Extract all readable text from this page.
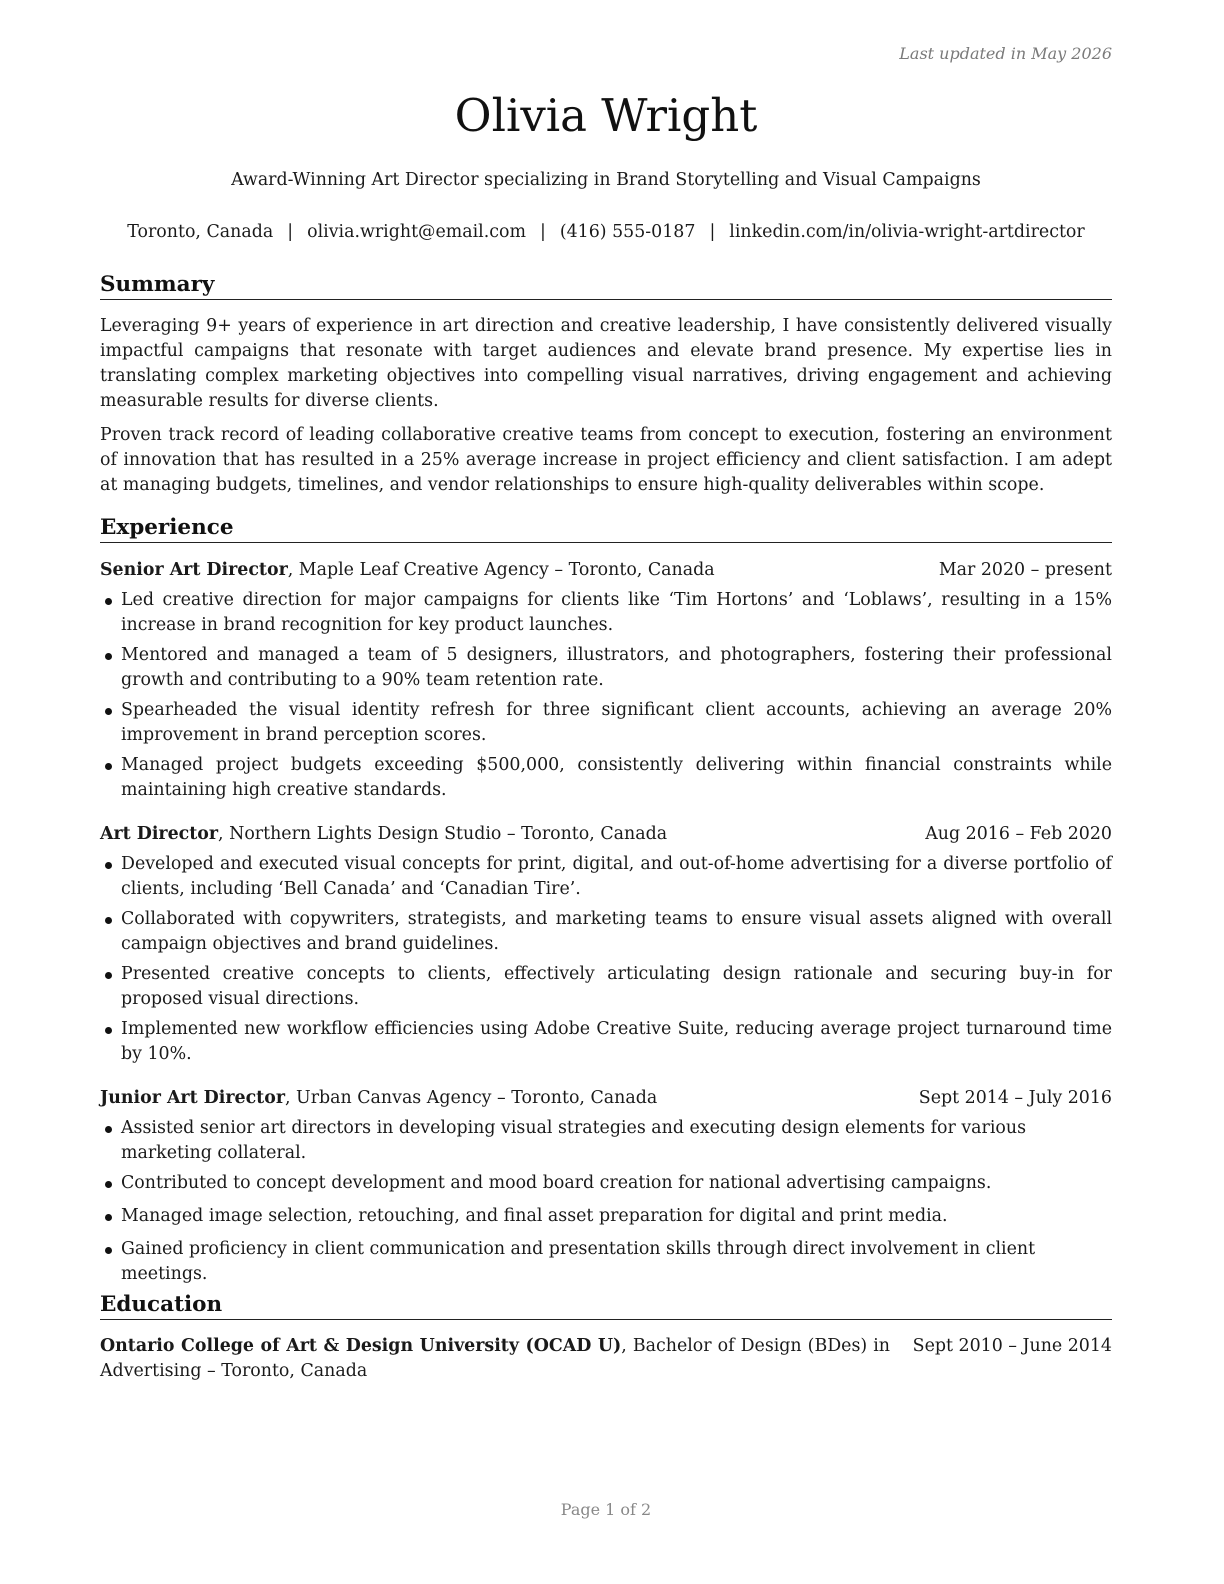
Last updated in May 2026
Olivia Wright
Award-Winning Art Director specializing in Brand Storytelling and Visual Campaigns
Toronto, Canada | olivia.wright@email.com | (416) 555-0187 | linkedin.com/in/olivia-wright-artdirector
Summary

Leveraging 9+ years of experience in art direction and creative leadership, I have consistently delivered visually impactful campaigns that resonate with target audiences and elevate brand presence. My expertise lies in translating complex marketing objectives into compelling visual narratives, driving engagement and achieving measurable results for diverse clients.

Proven track record of leading collaborative creative teams from concept to execution, fostering an environment of innovation that has resulted in a 25% average increase in project efficiency and client satisfaction. I am adept at managing budgets, timelines, and vendor relationships to ensure high-quality deliverables within scope.

Experience
Senior Art Director, Maple Leaf Creative Agency – Toronto, Canada	Mar 2020 – present
Led creative direction for major campaigns for clients like ‘Tim Hortons’ and ‘Loblaws’, resulting in a 15% increase in brand recognition for key product launches.
Mentored and managed a team of 5 designers, illustrators, and photographers, fostering their professional growth and contributing to a 90% team retention rate.
Spearheaded the visual identity refresh for three significant client accounts, achieving an average 20% improvement in brand perception scores.
Managed project budgets exceeding $500,000, consistently delivering within financial constraints while maintaining high creative standards.
Art Director, Northern Lights Design Studio – Toronto, Canada	Aug 2016 – Feb 2020
Developed and executed visual concepts for print, digital, and out-of-home advertising for a diverse portfolio of clients, including ‘Bell Canada’ and ‘Canadian Tire’.
Collaborated with copywriters, strategists, and marketing teams to ensure visual assets aligned with overall campaign objectives and brand guidelines.
Presented creative concepts to clients, effectively articulating design rationale and securing buy-in for proposed visual directions.
Implemented new workflow efficiencies using Adobe Creative Suite, reducing average project turnaround time by 10%.
Junior Art Director, Urban Canvas Agency – Toronto, Canada	Sept 2014 – July 2016
Assisted senior art directors in developing visual strategies and executing design elements for various marketing collateral.
Contributed to concept development and mood board creation for national advertising campaigns.
Managed image selection, retouching, and final asset preparation for digital and print media.
Gained proficiency in client communication and presentation skills through direct involvement in client meetings.
Education
Ontario College of Art & Design University (OCAD U), Bachelor of Design (BDes) in Advertising – Toronto, Canada
Sept 2010 – June 2014
Page 1 of 2
